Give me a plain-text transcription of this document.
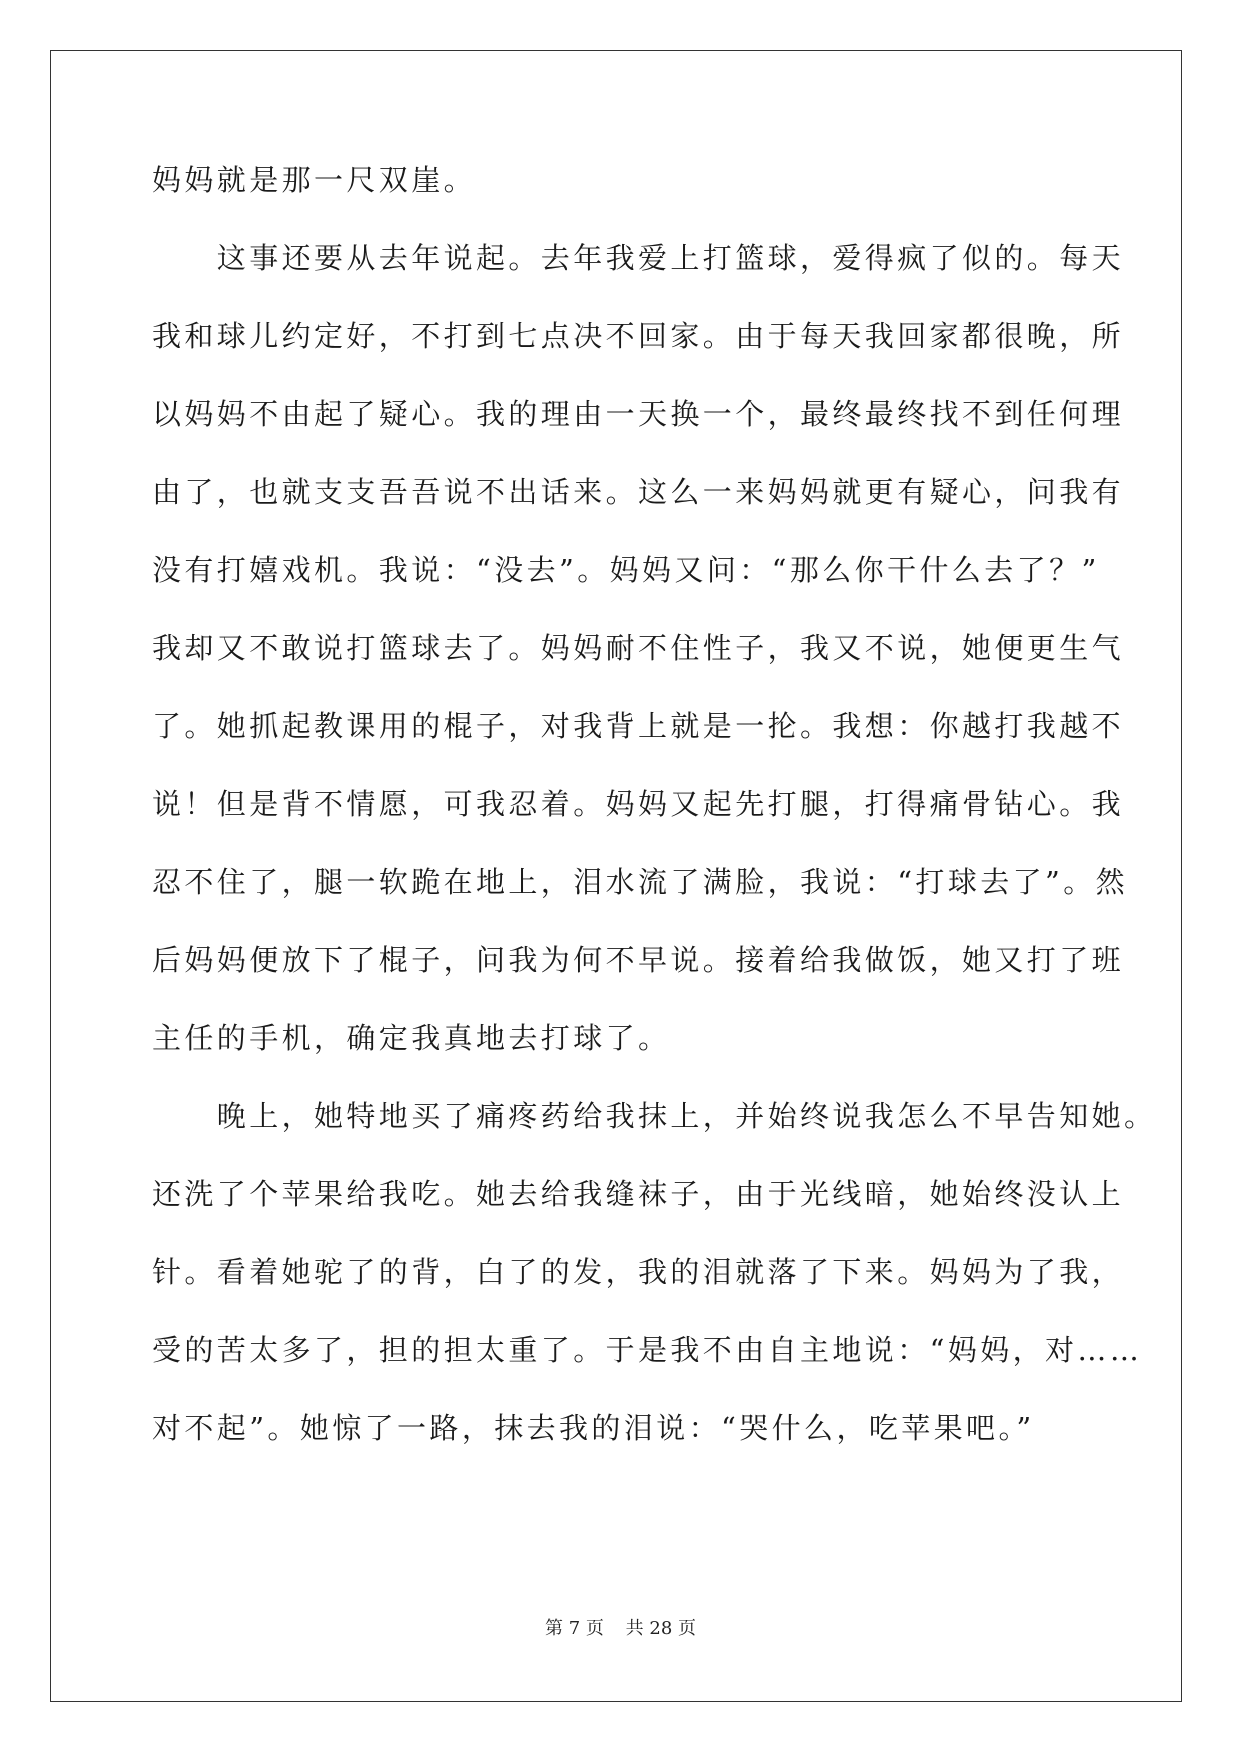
妈妈就是那一尺双崖。
　　这事还要从去年说起。去年我爱上打篮球，爱得疯了似的。每天
我和球儿约定好，不打到七点决不回家。由于每天我回家都很晚，所
以妈妈不由起了疑心。我的理由一天换一个，最终最终找不到任何理
由了，也就支支吾吾说不出话来。这么一来妈妈就更有疑心，问我有
没有打嬉戏机。我说：“没去”。妈妈又问：“那么你干什么去了？”
我却又不敢说打篮球去了。妈妈耐不住性子，我又不说，她便更生气
了。她抓起教课用的棍子，对我背上就是一抡。我想：你越打我越不
说！但是背不情愿，可我忍着。妈妈又起先打腿，打得痛骨钻心。我
忍不住了，腿一软跪在地上，泪水流了满脸，我说：“打球去了”。然
后妈妈便放下了棍子，问我为何不早说。接着给我做饭，她又打了班
主任的手机，确定我真地去打球了。
　　晚上，她特地买了痛疼药给我抹上，并始终说我怎么不早告知她。
还洗了个苹果给我吃。她去给我缝袜子，由于光线暗，她始终没认上
针。看着她驼了的背，白了的发，我的泪就落了下来。妈妈为了我，
受的苦太多了，担的担太重了。于是我不由自主地说：“妈妈，对……
对不起”。她惊了一路，抹去我的泪说：“哭什么，吃苹果吧。”
第 7 页 共 28 页
